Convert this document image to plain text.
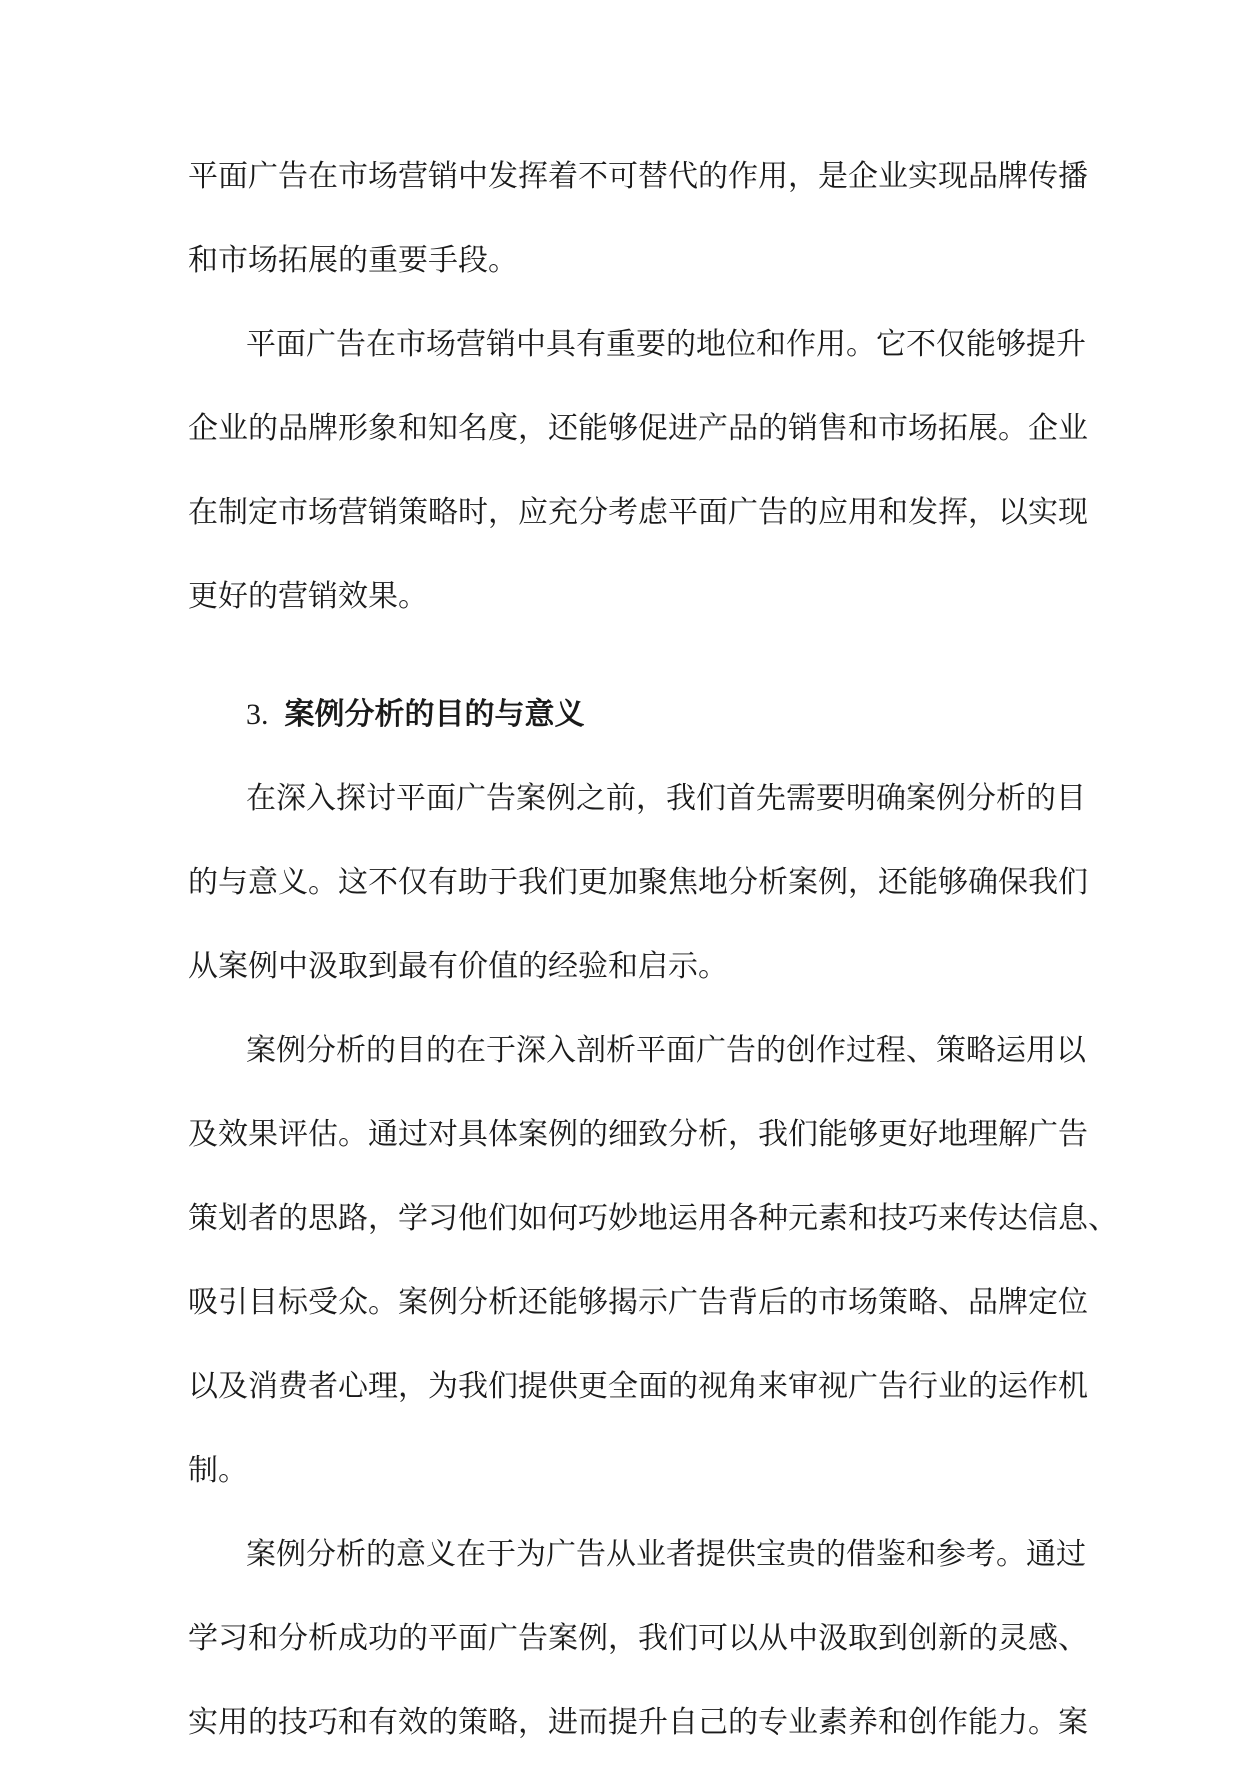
平面广告在市场营销中发挥着不可替代的作用，是企业实现品牌传播
和市场拓展的重要手段。
平面广告在市场营销中具有重要的地位和作用。它不仅能够提升
企业的品牌形象和知名度，还能够促进产品的销售和市场拓展。企业
在制定市场营销策略时，应充分考虑平面广告的应用和发挥，以实现
更好的营销效果。
3. 案例分析的目的与意义
在深入探讨平面广告案例之前，我们首先需要明确案例分析的目
的与意义。这不仅有助于我们更加聚焦地分析案例，还能够确保我们
从案例中汲取到最有价值的经验和启示。
案例分析的目的在于深入剖析平面广告的创作过程、策略运用以
及效果评估。通过对具体案例的细致分析，我们能够更好地理解广告
策划者的思路，学习他们如何巧妙地运用各种元素和技巧来传达信息、
吸引目标受众。案例分析还能够揭示广告背后的市场策略、品牌定位
以及消费者心理，为我们提供更全面的视角来审视广告行业的运作机
制。
案例分析的意义在于为广告从业者提供宝贵的借鉴和参考。通过
学习和分析成功的平面广告案例，我们可以从中汲取到创新的灵感、
实用的技巧和有效的策略，进而提升自己的专业素养和创作能力。案
